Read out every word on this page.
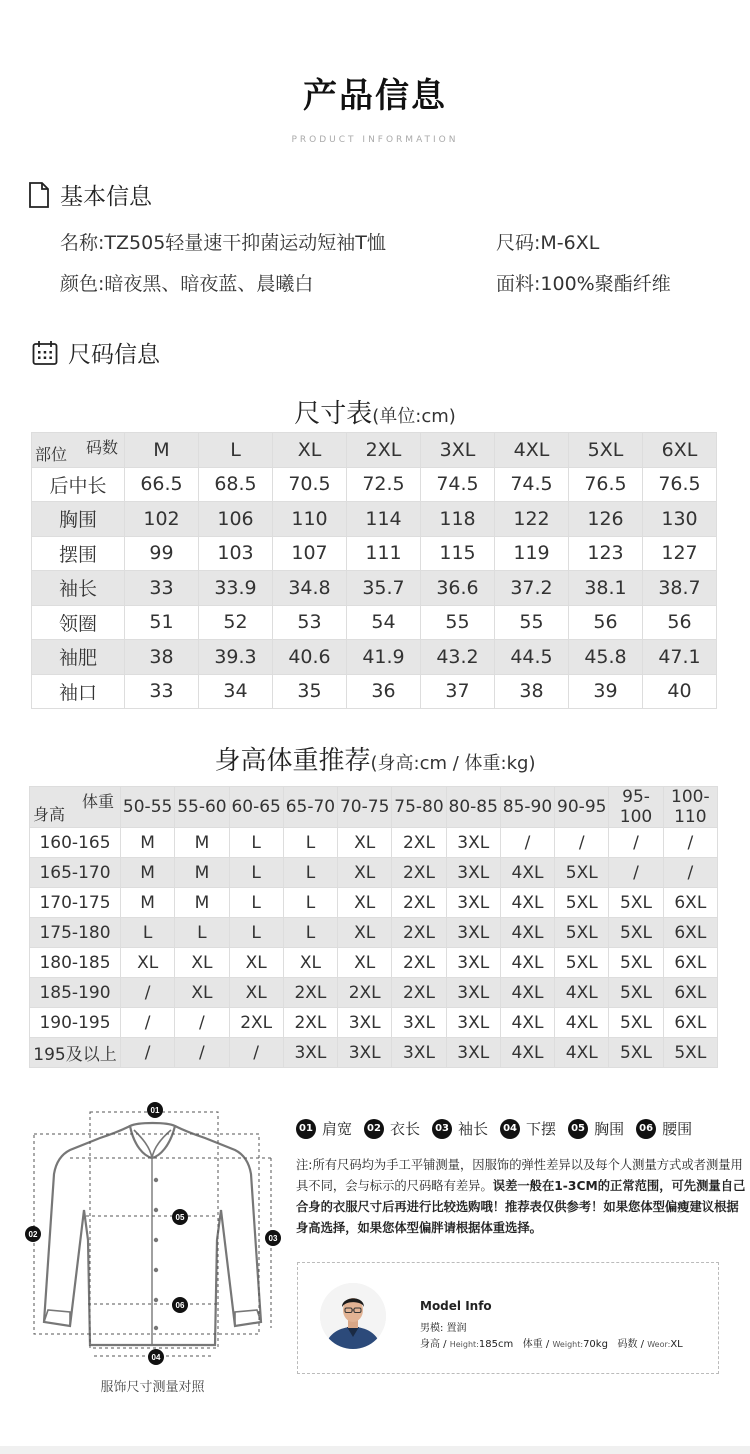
产品信息
PRODUCT INFORMATION
基本信息
名称:TZ505轻量速干抑菌运动短袖T恤	尺码:M-6XL
颜色:暗夜黑、暗夜蓝、晨曦白	面料:100%聚酯纤维
尺码信息
尺寸表(单位:cm)
码数
部位	M	L	XL	2XL	3XL	4XL	5XL	6XL
后中长	66.5	68.5	70.5	72.5	74.5	74.5	76.5	76.5
胸围	102	106	110	114	118	122	126	130
摆围	99	103	107	111	115	119	123	127
袖长	33	33.9	34.8	35.7	36.6	37.2	38.1	38.7
领圈	51	52	53	54	55	55	56	56
袖肥	38	39.3	40.6	41.9	43.2	44.5	45.8	47.1
袖口	33	34	35	36	37	38	39	40
身高体重推荐(身高:cm / 体重:kg)
体重
身高	50-55	55-60	60-65	65-70	70-75	75-80	80-85	85-90	90-95	95-100	100-110
160-165	M	M	L	L	XL	2XL	3XL	/	/	/	/
165-170	M	M	L	L	XL	2XL	3XL	4XL	5XL	/	/
170-175	M	M	L	L	XL	2XL	3XL	4XL	5XL	5XL	6XL
175-180	L	L	L	L	XL	2XL	3XL	4XL	5XL	5XL	6XL
180-185	XL	XL	XL	XL	XL	2XL	3XL	4XL	5XL	5XL	6XL
185-190	/	XL	XL	2XL	2XL	2XL	3XL	4XL	4XL	5XL	6XL
190-195	/	/	2XL	2XL	3XL	3XL	3XL	4XL	4XL	5XL	6XL
195及以上	/	/	/	3XL	3XL	3XL	3XL	4XL	4XL	5XL	5XL
01
02	03
04
05
06
服饰尺寸测量对照
01 肩宽	02 衣长	03 袖长	04 下摆	05 胸围	06 腰围
注:所有尺码均为手工平铺测量，因服饰的弹性差异以及每个人测量方式或者测量用具不同，会与标示的尺码略有差异。误差一般在1-3CM的正常范围，可先测量自己合身的衣服尺寸后再进行比较选购哦！推荐表仅供参考！如果您体型偏瘦建议根据身高选择，如果您体型偏胖请根据体重选择。
Model Info
男模: 置润
身高 / Height:185cm 体重 / Weight:70kg 码数 / Weor:XL
